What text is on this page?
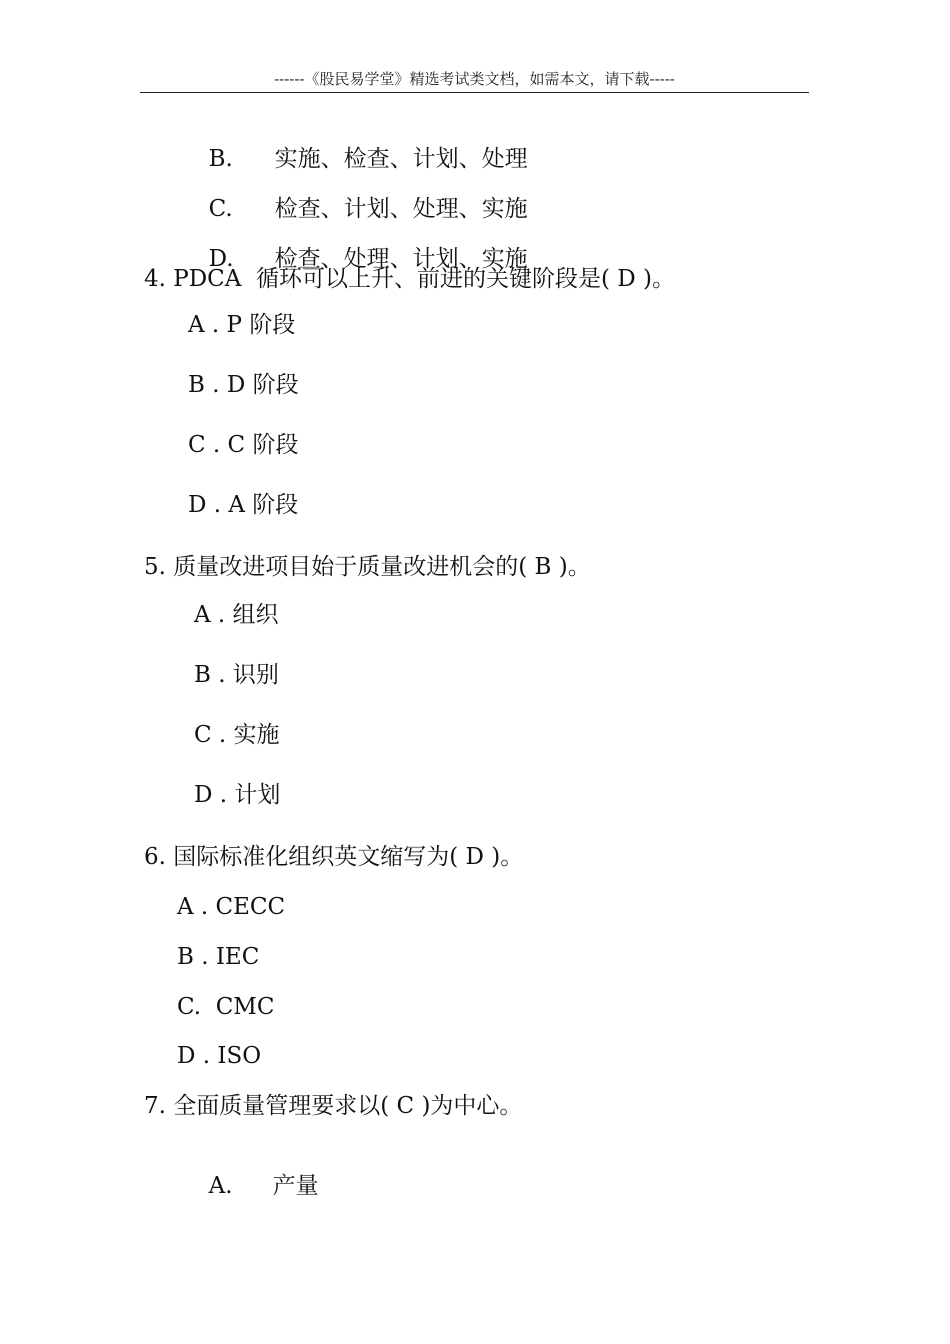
------《股民易学堂》精选考试类文档，如需本文，请下载-----

B. 实施、检查、计划、处理

C. 检查、计划、处理、实施

D. 检查、处理、计划、实施

4. PDCA  循环可以上升、前进的关键阶段是( D )。
A . P 阶段
B . D 阶段
C . C 阶段
D . A 阶段
5. 质量改进项目始于质量改进机会的( B )。
A . 组织
B . 识别
C . 实施
D . 计划
6. 国际标准化组织英文缩写为( D )。
A . CECC
B . IEC
C.  CMC
D . ISO
7. 全面质量管理要求以( C )为中心。

A. 产量
